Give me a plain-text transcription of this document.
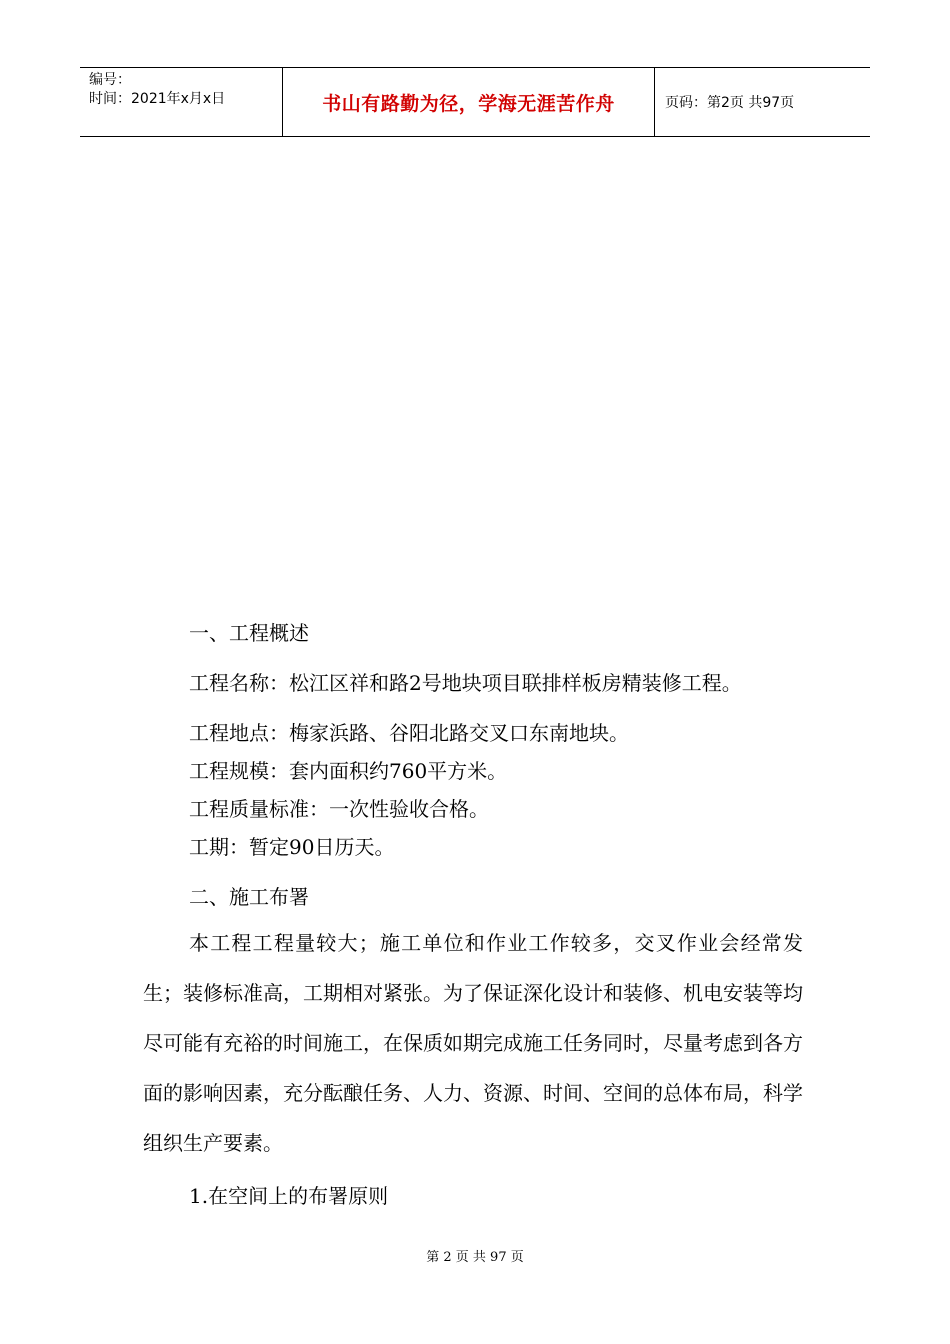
编号：
时间：2021年x月x日	书山有路勤为径，学海无涯苦作舟	页码：第2页 共97页
一、工程概述
工程名称：松江区祥和路2号地块项目联排样板房精装修工程。
工程地点：梅家浜路、谷阳北路交叉口东南地块。
工程规模：套内面积约760平方米。
工程质量标准：一次性验收合格。
工期：暂定90日历天。
二、施工布署
本工程工程量较大；施工单位和作业工作较多，交叉作业会经常发生；装修标准高，工期相对紧张。为了保证深化设计和装修、机电安装等均尽可能有充裕的时间施工，在保质如期完成施工任务同时，尽量考虑到各方面的影响因素，充分酝酿任务、人力、资源、时间、空间的总体布局，科学组织生产要素。
1.在空间上的布署原则
第 2 页 共 97 页
